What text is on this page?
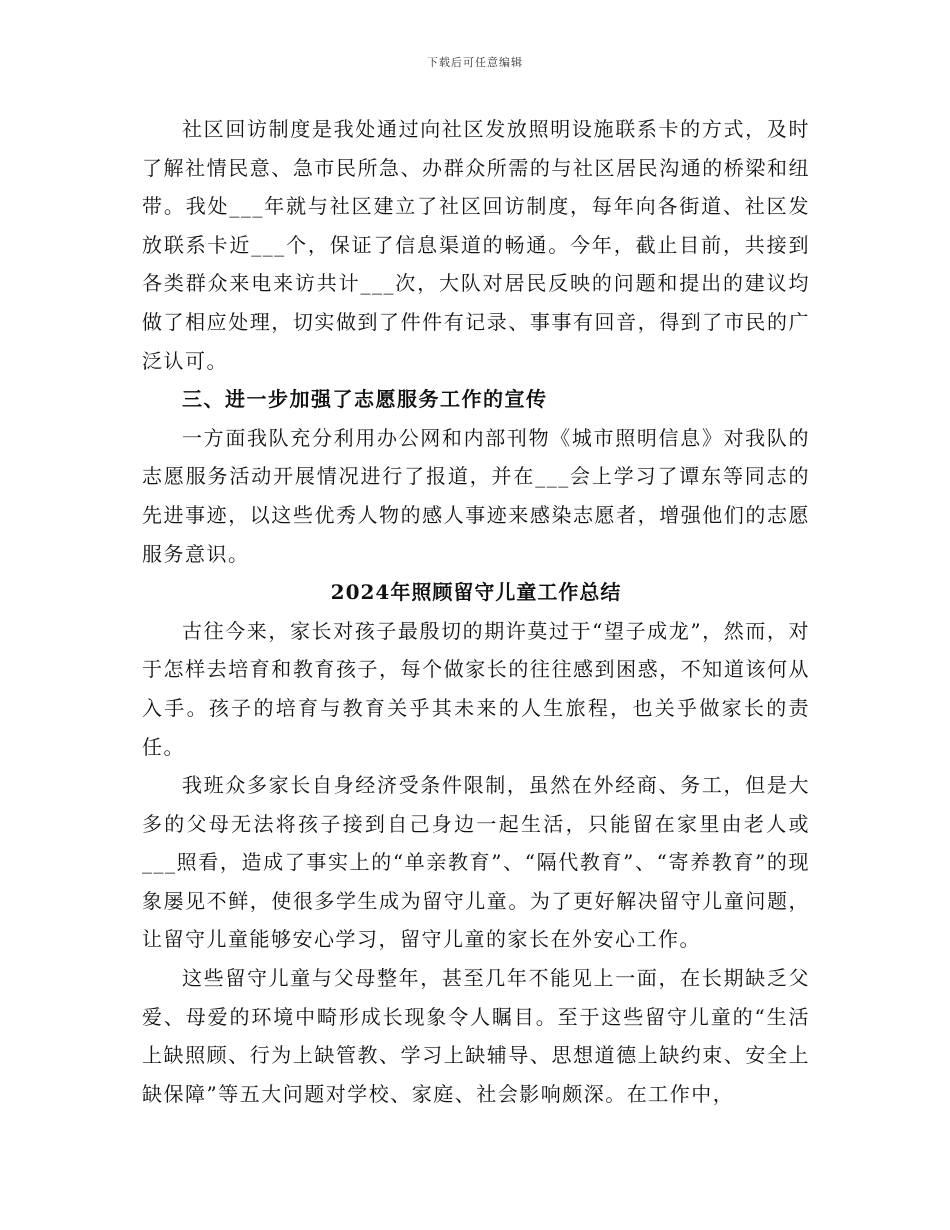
下载后可任意编辑

社区回访制度是我处通过向社区发放照明设施联系卡的方式，及时了解社情民意、急市民所急、办群众所需的与社区居民沟通的桥梁和纽带。我处___年就与社区建立了社区回访制度，每年向各街道、社区发放联系卡近___个，保证了信息渠道的畅通。今年，截止目前，共接到各类群众来电来访共计___次，大队对居民反映的问题和提出的建议均做了相应处理，切实做到了件件有记录、事事有回音，得到了市民的广泛认可。

三、进一步加强了志愿服务工作的宣传

一方面我队充分利用办公网和内部刊物《城市照明信息》对我队的志愿服务活动开展情况进行了报道，并在___会上学习了谭东等同志的先进事迹，以这些优秀人物的感人事迹来感染志愿者，增强他们的志愿服务意识。

2024年照顾留守儿童工作总结

古往今来，家长对孩子最殷切的期许莫过于“望子成龙”，然而，对于怎样去培育和教育孩子，每个做家长的往往感到困惑，不知道该何从入手。孩子的培育与教育关乎其未来的人生旅程，也关乎做家长的责任。

我班众多家长自身经济受条件限制，虽然在外经商、务工，但是大多的父母无法将孩子接到自己身边一起生活，只能留在家里由老人或___照看，造成了事实上的“单亲教育”、“隔代教育”、“寄养教育”的现象屡见不鲜，使很多学生成为留守儿童。为了更好解决留守儿童问题，让留守儿童能够安心学习，留守儿童的家长在外安心工作。

这些留守儿童与父母整年，甚至几年不能见上一面，在长期缺乏父爱、母爱的环境中畸形成长现象令人瞩目。至于这些留守儿童的“生活上缺照顾、行为上缺管教、学习上缺辅导、思想道德上缺约束、安全上缺保障”等五大问题对学校、家庭、社会影响颇深。在工作中，
